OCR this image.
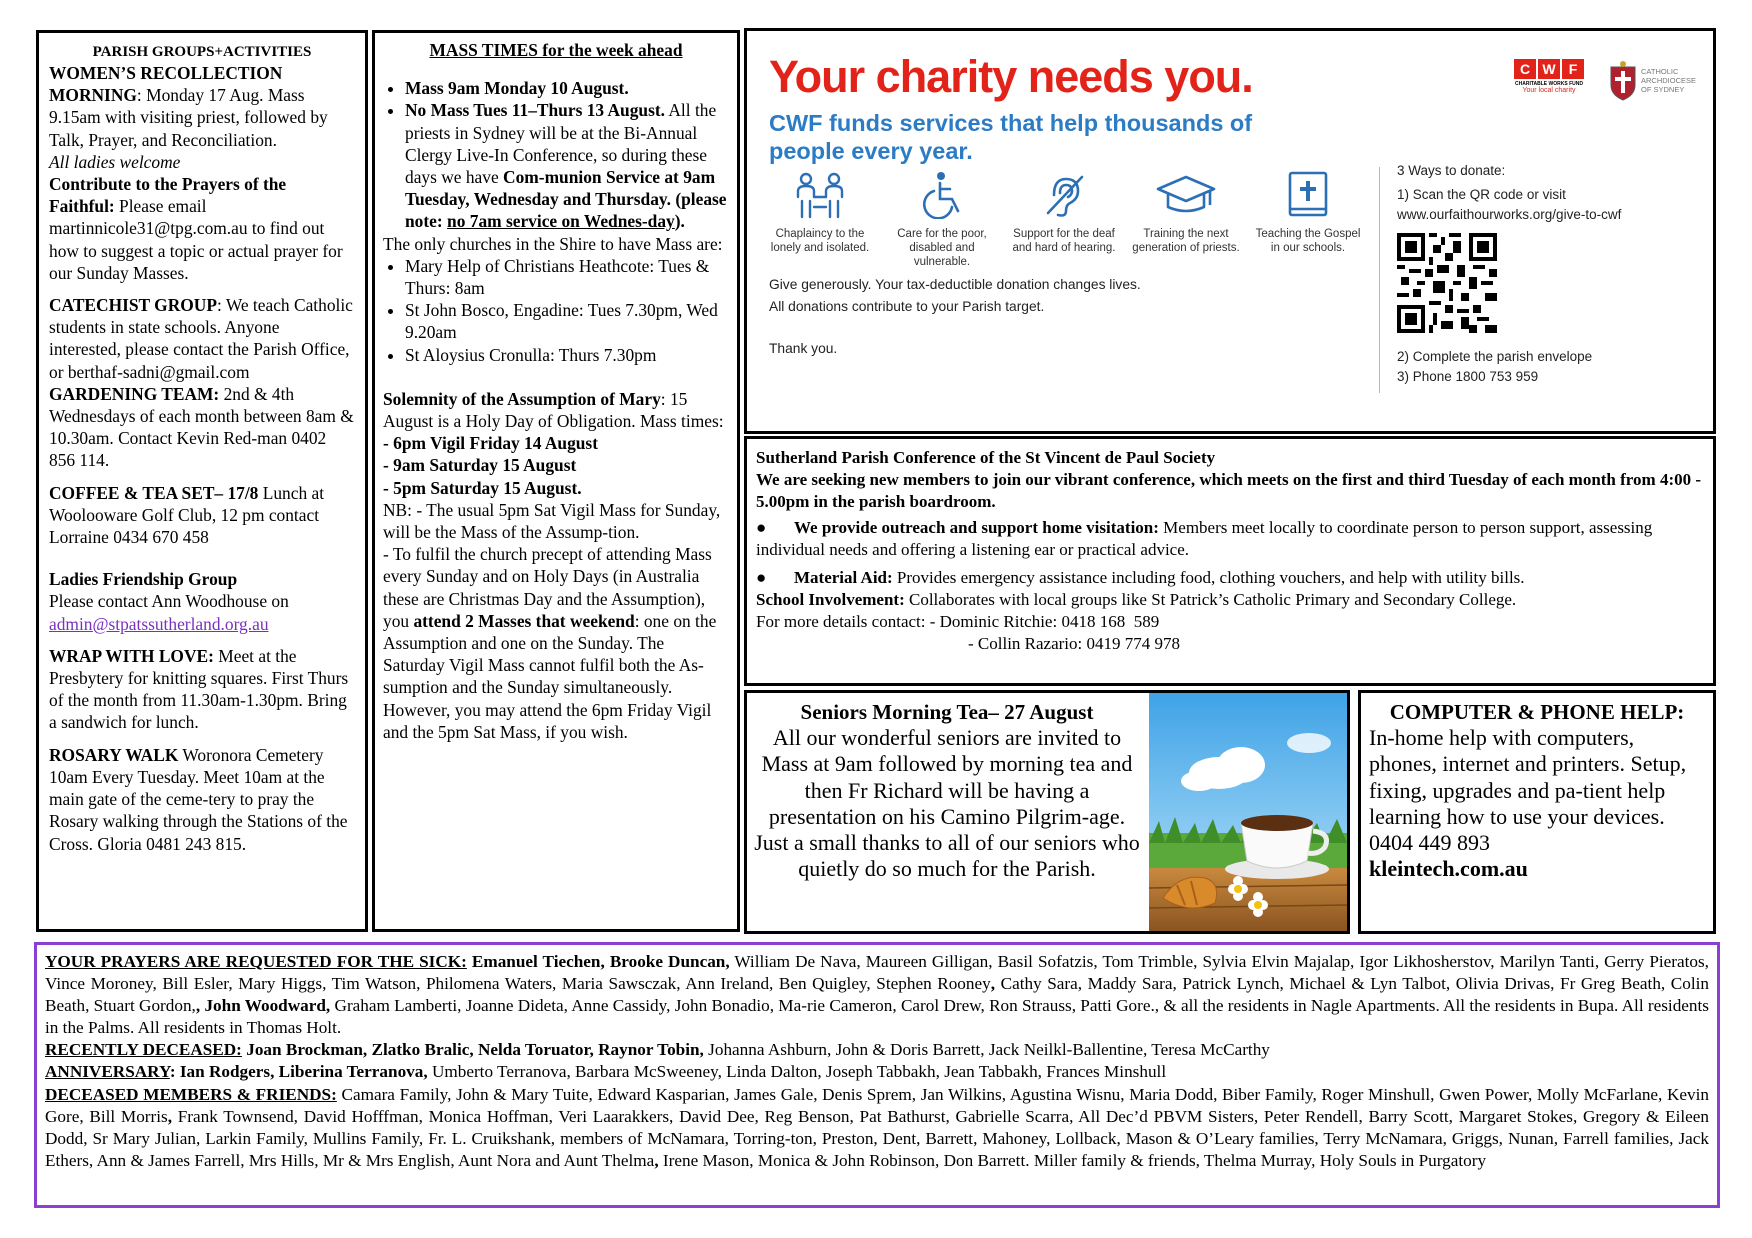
PARISH GROUPS+ACTIVITIES

WOMEN’S RECOLLECTION MORNING: Monday 17 Aug. Mass 9.15am with visiting priest, followed by Talk, Prayer, and Reconciliation.

All ladies welcome

Contribute to the Prayers of the Faithful: Please email martinnicole31@tpg.com.au to find out how to suggest a topic or actual prayer for our Sunday Masses.

CATECHIST GROUP: We teach Catholic students in state schools. Anyone interested, please contact the Parish Office, or berthaf-sadni@gmail.com

GARDENING TEAM: 2nd & 4th Wednesdays of each month between 8am & 10.30am. Contact Kevin Red-man 0402 856 114.

COFFEE & TEA SET– 17/8 Lunch at Woolooware Golf Club, 12 pm contact Lorraine 0434 670 458

Ladies Friendship Group

Please contact Ann Woodhouse on

admin@stpatssutherland.org.au

WRAP WITH LOVE: Meet at the Presbytery for knitting squares. First Thurs of the month from 11.30am-1.30pm. Bring a sandwich for lunch.

ROSARY WALK Woronora Cemetery 10am Every Tuesday. Meet 10am at the main gate of the ceme-tery to pray the Rosary walking through the Stations of the Cross. Gloria 0481 243 815.

MASS TIMES for the week ahead

• Mass 9am Monday 10 August.
• No Mass Tues 11–Thurs 13 August. All the priests in Sydney will be at the Bi-Annual Clergy Live-In Conference, so during these days we have Com-munion Service at 9am Tuesday, Wednesday and Thursday. (please note: no 7am service on Wednes-day).

The only churches in the Shire to have Mass are:

• Mary Help of Christians Heathcote: Tues & Thurs: 8am
• St John Bosco, Engadine: Tues 7.30pm, Wed 9.20am
• St Aloysius Cronulla: Thurs 7.30pm

Solemnity of the Assumption of Mary: 15 August is a Holy Day of Obligation. Mass times:

- 6pm Vigil Friday 14 August

- 9am Saturday 15 August

- 5pm Saturday 15 August.

NB: - The usual 5pm Sat Vigil Mass for Sunday, will be the Mass of the Assump-tion.

- To fulfil the church precept of attending Mass every Sunday and on Holy Days (in Australia these are Christmas Day and the Assumption), you attend 2 Masses that weekend: one on the Assumption and one on the Sunday. The Saturday Vigil Mass cannot fulfil both the As-sumption and the Sunday simultaneously. However, you may attend the 6pm Friday Vigil and the 5pm Sat Mass, if you wish.

Your charity needs you.
CWF funds services that help thousands of people every year.
C W F
CHARITABLE WORKS FUND
Your local charity
CATHOLIC ARCHDIOCESE OF SYDNEY
Chaplaincy to the lonely and isolated.
Care for the poor, disabled and vulnerable.
Support for the deaf and hard of hearing.
Training the next generation of priests.
Teaching the Gospel in our schools.
Give generously. Your tax-deductible donation changes lives.
All donations contribute to your Parish target.
Thank you.
3 Ways to donate:
1) Scan the QR code or visit
www.ourfaithourworks.org/give-to-cwf
2) Complete the parish envelope
3) Phone 1800 753 959

Sutherland Parish Conference of the St Vincent de Paul Society

We are seeking new members to join our vibrant conference, which meets on the first and third Tuesday of each month from 4:00 - 5.00pm in the parish boardroom.

● We provide outreach and support home visitation: Members meet locally to coordinate person to person support, assessing individual needs and offering a listening ear or practical advice.

● Material Aid: Provides emergency assistance including food, clothing vouchers, and help with utility bills.

School Involvement: Collaborates with local groups like St Patrick’s Catholic Primary and Secondary College.

For more details contact: - Dominic Ritchie: 0418 168  589

- Collin Razario: 0419 774 978

Seniors Morning Tea– 27 August

All our wonderful seniors are invited to Mass at 9am followed by morning tea and then Fr Richard will be having a presentation on his Camino Pilgrim-age. Just a small thanks to all of our seniors who quietly do so much for the Parish.

COMPUTER & PHONE HELP:

In-home help with computers, phones, internet and printers. Setup, fixing, upgrades and pa-tient help learning how to use your devices. 0404 449 893

kleintech.com.au

YOUR PRAYERS ARE REQUESTED FOR THE SICK: Emanuel Tiechen, Brooke Duncan, William De Nava, Maureen Gilligan, Basil Sofatzis, Tom Trimble, Sylvia Elvin Majalap, Igor Likhosherstov, Marilyn Tanti, Gerry Pieratos, Vince Moroney, Bill Esler, Mary Higgs, Tim Watson, Philomena Waters, Maria Sawsczak, Ann Ireland, Ben Quigley, Stephen Rooney, Cathy Sara, Maddy Sara, Patrick Lynch, Michael & Lyn Talbot, Olivia Drivas, Fr Greg Beath, Colin Beath, Stuart Gordon,, John Woodward, Graham Lamberti, Joanne Dideta, Anne Cassidy, John Bonadio, Ma-rie Cameron, Carol Drew, Ron Strauss, Patti Gore., & all the residents in Nagle Apartments. All the residents in Bupa. All residents in the Palms. All residents in Thomas Holt.

RECENTLY DECEASED: Joan Brockman, Zlatko Bralic, Nelda Toruator, Raynor Tobin, Johanna Ashburn, John & Doris Barrett, Jack Neilkl-Ballentine, Teresa McCarthy

ANNIVERSARY: Ian Rodgers, Liberina Terranova, Umberto Terranova, Barbara McSweeney, Linda Dalton, Joseph Tabbakh, Jean Tabbakh, Frances Minshull

DECEASED MEMBERS & FRIENDS: Camara Family, John & Mary Tuite, Edward Kasparian, James Gale, Denis Sprem, Jan Wilkins, Agustina Wisnu, Maria Dodd, Biber Family, Roger Minshull, Gwen Power, Molly McFarlane, Kevin Gore, Bill Morris, Frank Townsend, David Hofffman, Monica Hoffman, Veri Laarakkers, David Dee, Reg Benson, Pat Bathurst, Gabrielle Scarra, All Dec’d PBVM Sisters, Peter Rendell, Barry Scott, Margaret Stokes, Gregory & Eileen Dodd, Sr Mary Julian, Larkin Family, Mullins Family, Fr. L. Cruikshank, members of McNamara, Torring-ton, Preston, Dent, Barrett, Mahoney, Lollback, Mason & O’Leary families, Terry McNamara, Griggs, Nunan, Farrell families, Jack Ethers, Ann & James Farrell, Mrs Hills, Mr & Mrs English, Aunt Nora and Aunt Thelma, Irene Mason, Monica & John Robinson, Don Barrett. Miller family & friends, Thelma Murray, Holy Souls in Purgatory
